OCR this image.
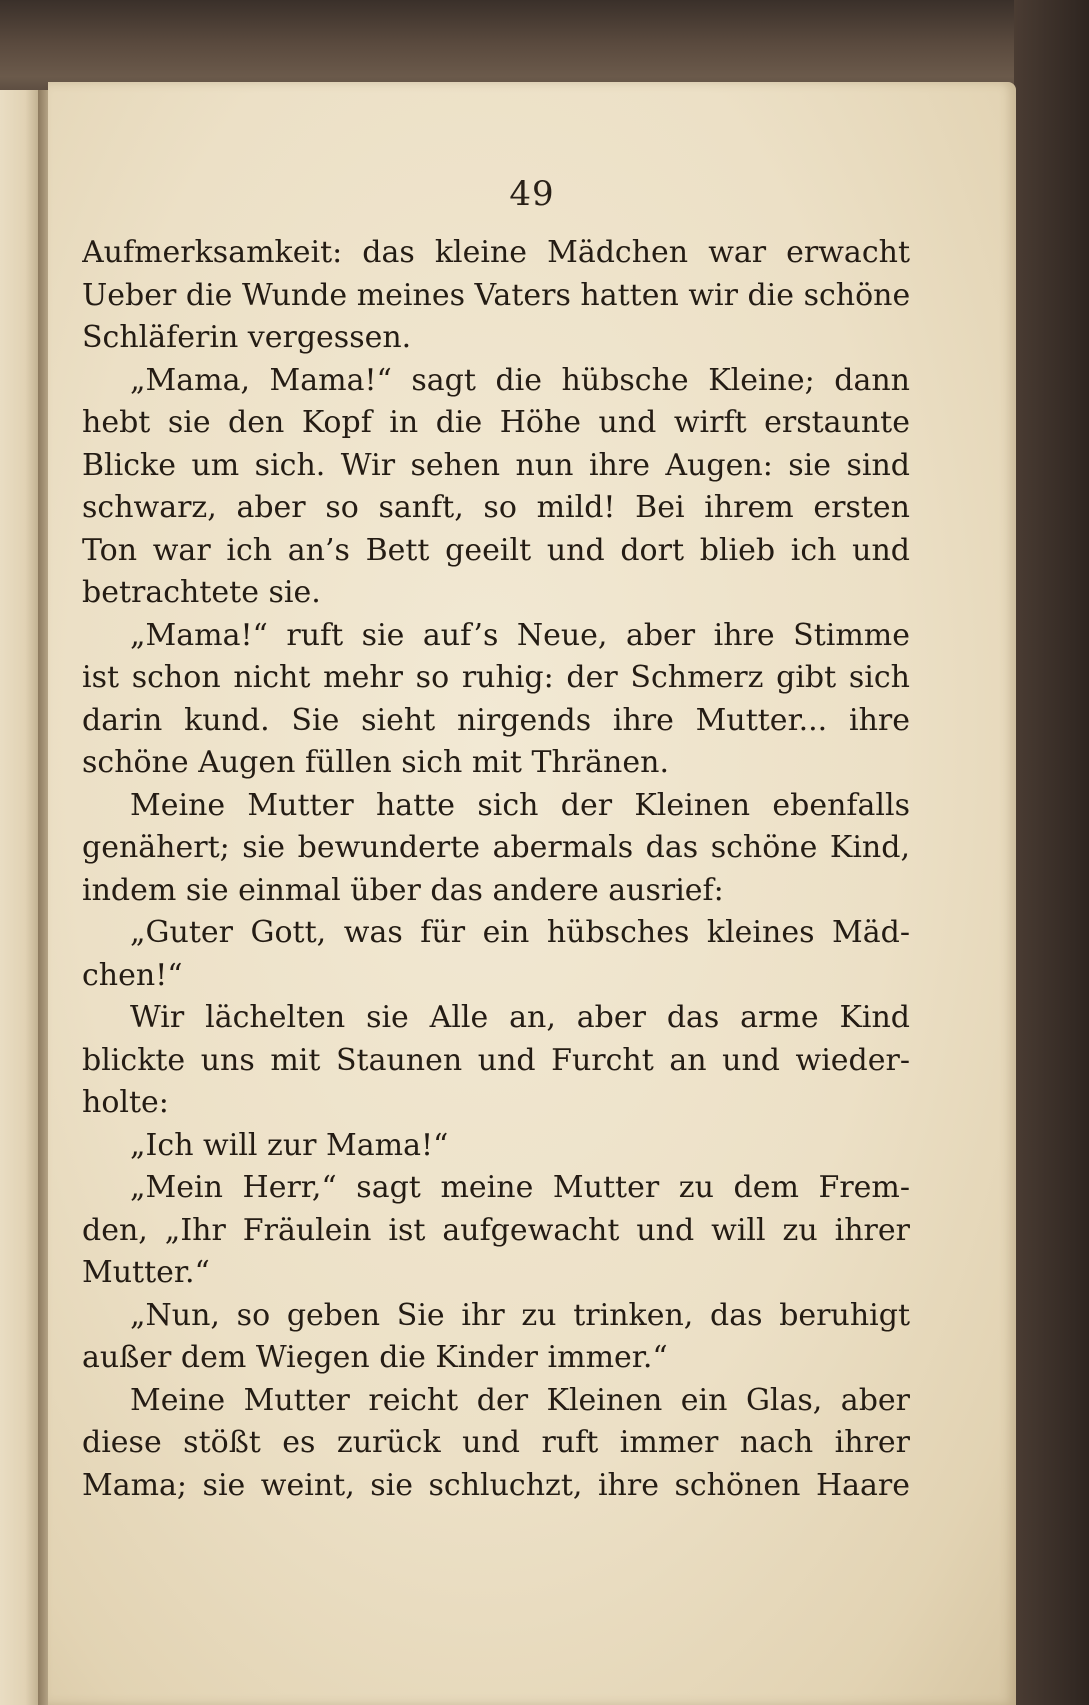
49
Aufmerksamkeit: das kleine Mädchen war erwacht
Ueber die Wunde meines Vaters hatten wir die schöne
Schläferin vergessen.
„Mama, Mama!“ sagt die hübsche Kleine; dann
hebt sie den Kopf in die Höhe und wirft erstaunte
Blicke um sich. Wir sehen nun ihre Augen: sie sind
schwarz, aber so sanft, so mild! Bei ihrem ersten
Ton war ich an’s Bett geeilt und dort blieb ich und
betrachtete sie.
„Mama!“ ruft sie auf’s Neue, aber ihre Stimme
ist schon nicht mehr so ruhig: der Schmerz gibt sich
darin kund. Sie sieht nirgends ihre Mutter... ihre
schöne Augen füllen sich mit Thränen.
Meine Mutter hatte sich der Kleinen ebenfalls
genähert; sie bewunderte abermals das schöne Kind,
indem sie einmal über das andere ausrief:
„Guter Gott, was für ein hübsches kleines Mäd-
chen!“
Wir lächelten sie Alle an, aber das arme Kind
blickte uns mit Staunen und Furcht an und wieder-
holte:
„Ich will zur Mama!“
„Mein Herr,“ sagt meine Mutter zu dem Frem-
den, „Ihr Fräulein ist aufgewacht und will zu ihrer
Mutter.“
„Nun, so geben Sie ihr zu trinken, das beruhigt
außer dem Wiegen die Kinder immer.“
Meine Mutter reicht der Kleinen ein Glas, aber
diese stößt es zurück und ruft immer nach ihrer
Mama; sie weint, sie schluchzt, ihre schönen Haare
